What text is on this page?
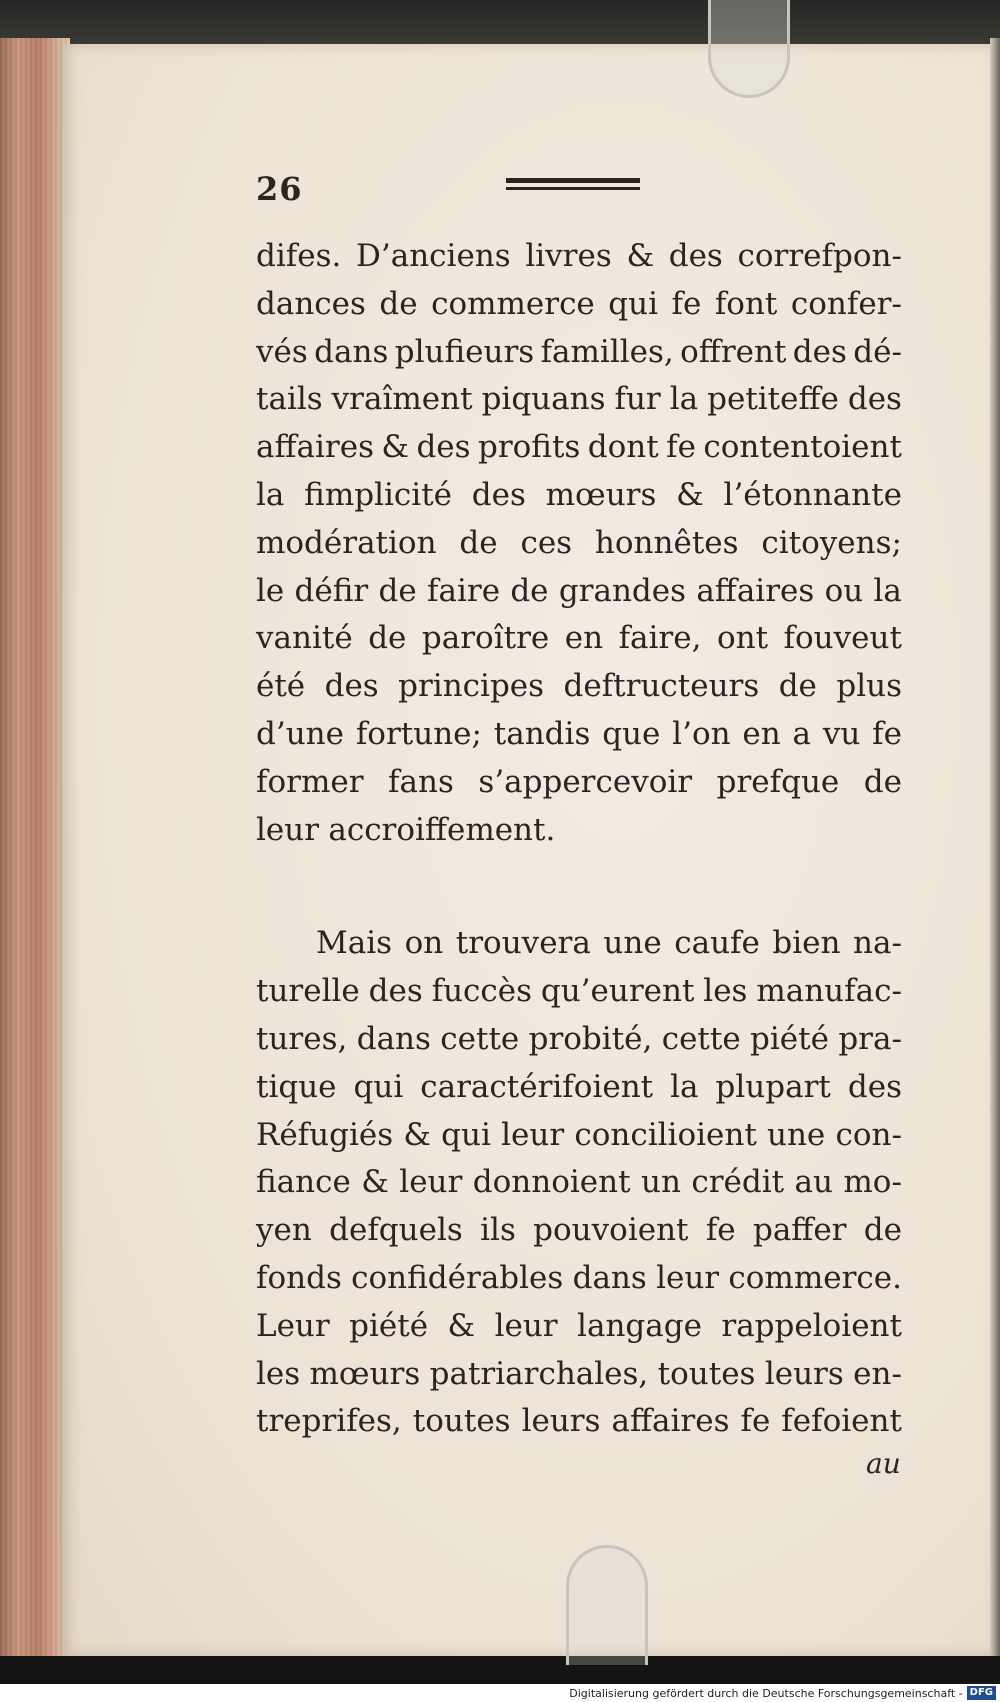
26
difes. D’anciens livres & des correfpon-
dances de commerce qui fe font confer-
vés dans plufieurs familles, offrent des dé-
tails vraîment piquans fur la petiteffe des
affaires & des profits dont fe contentoient
la fimplicité des mœurs & l’étonnante
modération de ces honnêtes citoyens;
le défir de faire de grandes affaires ou la
vanité de paroître en faire, ont fouveut
été des principes deftructeurs de plus
d’une fortune; tandis que l’on en a vu fe
former fans s’appercevoir prefque de
leur accroiffement.
Mais on trouvera une caufe bien na-
turelle des fuccès qu’eurent les manufac-
tures, dans cette probité, cette piété pra-
tique qui caractérifoient la plupart des
Réfugiés & qui leur concilioient une con-
fiance & leur donnoient un crédit au mo-
yen defquels ils pouvoient fe paffer de
fonds confidérables dans leur commerce.
Leur piété & leur langage rappeloient
les mœurs patriarchales, toutes leurs en-
treprifes, toutes leurs affaires fe fefoient
au
Digitalisierung gefördert durch die Deutsche Forschungsgemeinschaft - DFG
